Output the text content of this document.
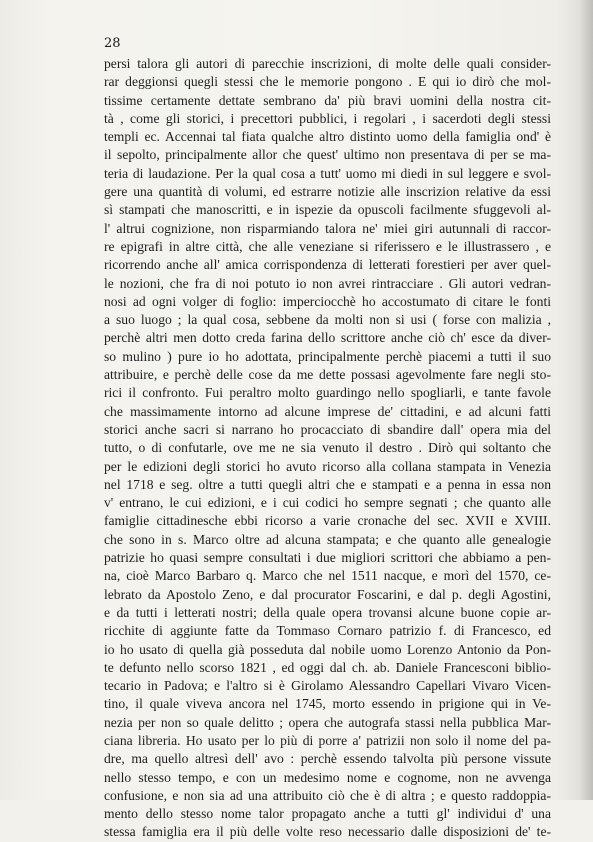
28
persi talora gli autori di parecchie inscrizioni, di molte delle quali consider-
rar deggionsi quegli stessi che le memorie pongono . E qui io dirò che mol-
tissime certamente dettate sembrano da' più bravi uomini della nostra cit-
tà , come gli storici, i precettori pubblici, i regolari , i sacerdoti degli stessi
templi ec. Accennai tal fiata qualche altro distinto uomo della famiglia ond' è
il sepolto, principalmente allor che quest' ultimo non presentava di per se ma-
teria di laudazione. Per la qual cosa a tutt' uomo mi diedi in sul leggere e svol-
gere una quantità di volumi, ed estrarre notizie alle inscrizion relative da essi
sì stampati che manoscritti, e in ispezie da opuscoli facilmente sfuggevoli al-
l' altrui cognizione, non risparmiando talora ne' miei giri autunnali di raccor-
re epigrafi in altre città, che alle veneziane si riferissero e le illustrassero , e
ricorrendo anche all' amica corrispondenza di letterati forestieri per aver quel-
le nozioni, che fra di noi potuto io non avrei rintracciare . Gli autori vedran-
nosi ad ogni volger di foglio: imperciocchè ho accostumato di citare le fonti
a suo luogo ; la qual cosa, sebbene da molti non si usi ( forse con malizia ,
perchè altri men dotto creda farina dello scrittore anche ciò ch' esce da diver-
so mulino ) pure io ho adottata, principalmente perchè piacemi a tutti il suo
attribuire, e perchè delle cose da me dette possasi agevolmente fare negli sto-
rici il confronto. Fui peraltro molto guardingo nello spogliarli, e tante favole
che massimamente intorno ad alcune imprese de' cittadini, e ad alcuni fatti
storici anche sacri si narrano ho procacciato di sbandire dall' opera mia del
tutto, o di confutarle, ove me ne sia venuto il destro . Dirò qui soltanto che
per le edizioni degli storici ho avuto ricorso alla collana stampata in Venezia
nel 1718 e seg. oltre a tutti quegli altri che e stampati e a penna in essa non
v' entrano, le cui edizioni, e i cui codici ho sempre segnati ; che quanto alle
famiglie cittadinesche ebbi ricorso a varie cronache del sec. XVII e XVIII.
che sono in s. Marco oltre ad alcuna stampata; e che quanto alle genealogie
patrizie ho quasi sempre consultati i due migliori scrittori che abbiamo a pen-
na, cioè Marco Barbaro q. Marco che nel 1511 nacque, e morì del 1570, ce-
lebrato da Apostolo Zeno, e dal procurator Foscarini, e dal p. degli Agostini,
e da tutti i letterati nostri; della quale opera trovansi alcune buone copie ar-
ricchite di aggiunte fatte da Tommaso Cornaro patrizio f. di Francesco, ed
io ho usato di quella già posseduta dal nobile uomo Lorenzo Antonio da Pon-
te defunto nello scorso 1821 , ed oggi dal ch. ab. Daniele Francesconi biblio-
tecario in Padova; e l'altro si è Girolamo Alessandro Capellari Vivaro Vicen-
tino, il quale viveva ancora nel 1745, morto essendo in prigione qui in Ve-
nezia per non so quale delitto ; opera che autografa stassi nella pubblica Mar-
ciana libreria. Ho usato per lo più di porre a' patrizii non solo il nome del pa-
dre, ma quello altresì dell' avo : perchè essendo talvolta più persone vissute
nello stesso tempo, e con un medesimo nome e cognome, non ne avvenga
confusione, e non sia ad una attribuito ciò che è di altra ; e questo raddoppia-
mento dello stesso nome talor propagato anche a tutti gl' individui d' una
stessa famiglia era il più delle volte reso necessario dalle disposizioni de' te-
